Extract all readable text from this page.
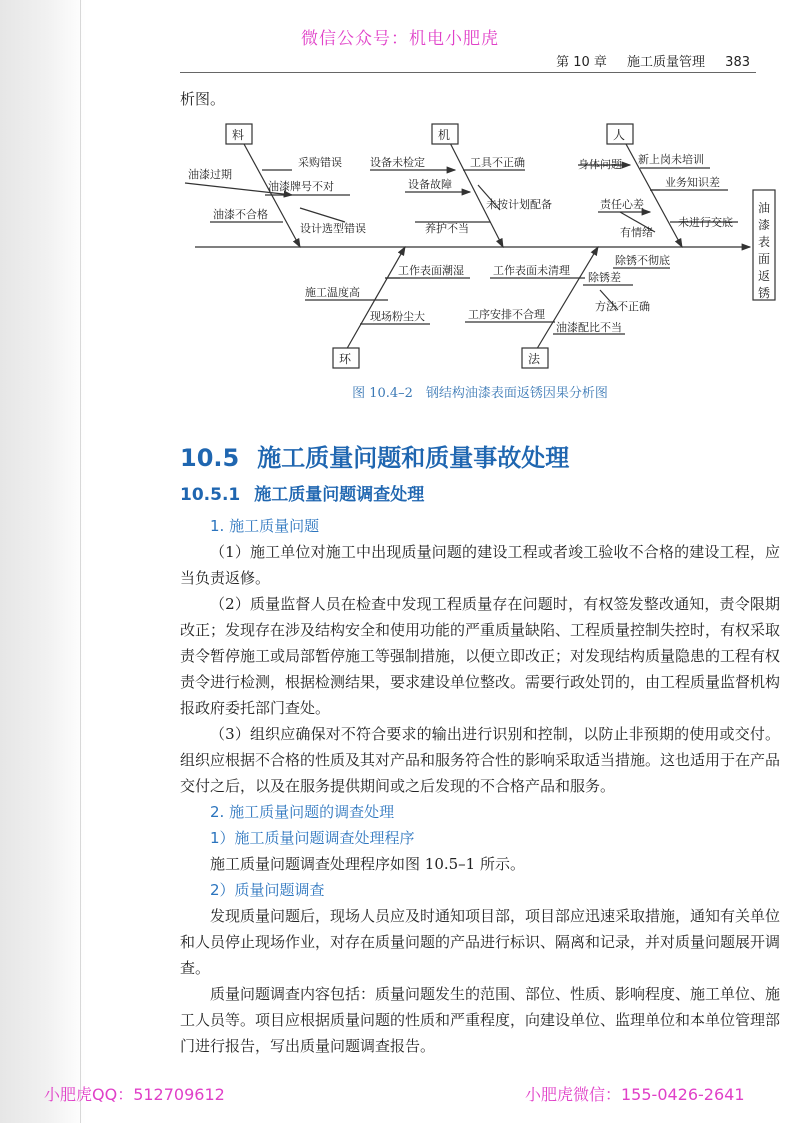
微信公众号：机电小肥虎
第 10 章 施工质量管理 383
析图。
料	机	人
环	法
油
漆
表
面
返
锈
采购错误
油漆过期
油漆牌号不对
油漆不合格
设计选型错误
设备未检定	工具不正确
设备故障
未按计划配备
养护不当
身体问题 新上岗未培训
业务知识差
责任心差
有情绪
未进行交底
工作表面潮湿
施工温度高
现场粉尘大
工作表面未清理
除锈不彻底
除锈差
方法不正确
工序安排不合理
油漆配比不当
图 10.4–2　钢结构油漆表面返锈因果分析图
10.5 施工质量问题和质量事故处理
10.5.1 施工质量问题调查处理

1. 施工质量问题

（1）施工单位对施工中出现质量问题的建设工程或者竣工验收不合格的建设工程，应当负责返修。

（2）质量监督人员在检查中发现工程质量存在问题时，有权签发整改通知，责令限期改正；发现存在涉及结构安全和使用功能的严重质量缺陷、工程质量控制失控时，有权采取责令暂停施工或局部暂停施工等强制措施，以便立即改正；对发现结构质量隐患的工程有权责令进行检测，根据检测结果，要求建设单位整改。需要行政处罚的，由工程质量监督机构报政府委托部门查处。

（3）组织应确保对不符合要求的输出进行识别和控制，以防止非预期的使用或交付。组织应根据不合格的性质及其对产品和服务符合性的影响采取适当措施。这也适用于在产品交付之后，以及在服务提供期间或之后发现的不合格产品和服务。

2. 施工质量问题的调查处理

1）施工质量问题调查处理程序

施工质量问题调查处理程序如图 10.5–1 所示。

2）质量问题调查

发现质量问题后，现场人员应及时通知项目部，项目部应迅速采取措施，通知有关单位和人员停止现场作业，对存在质量问题的产品进行标识、隔离和记录，并对质量问题展开调查。

质量问题调查内容包括：质量问题发生的范围、部位、性质、影响程度、施工单位、施工人员等。项目应根据质量问题的性质和严重程度，向建设单位、监理单位和本单位管理部门进行报告，写出质量问题调查报告。

小肥虎QQ：512709612	小肥虎微信：155-0426-2641
